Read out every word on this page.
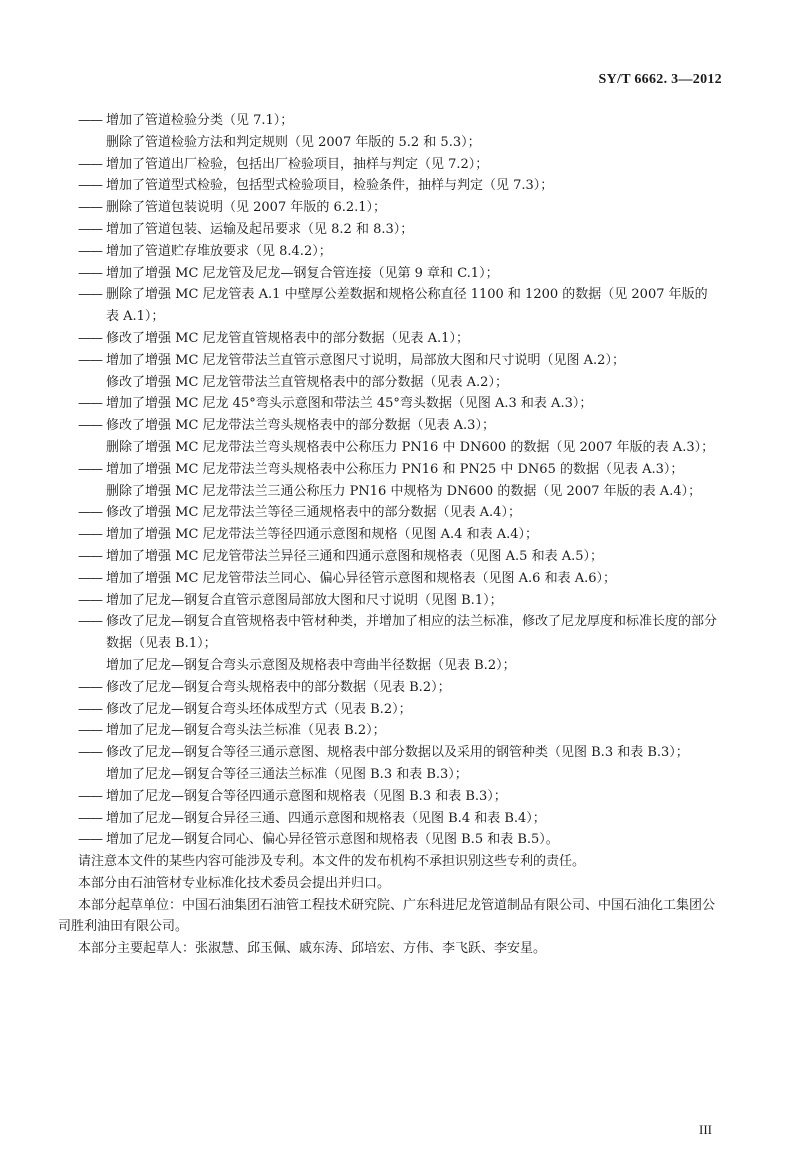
SY/T 6662. 3—2012
—— 增加了管道检验分类（见 7.1）；
删除了管道检验方法和判定规则（见 2007 年版的 5.2 和 5.3）；
—— 增加了管道出厂检验，包括出厂检验项目，抽样与判定（见 7.2）；
—— 增加了管道型式检验，包括型式检验项目，检验条件，抽样与判定（见 7.3）；
—— 删除了管道包装说明（见 2007 年版的 6.2.1）；
—— 增加了管道包装、运输及起吊要求（见 8.2 和 8.3）；
—— 增加了管道贮存堆放要求（见 8.4.2）；
—— 增加了增强 MC 尼龙管及尼龙—钢复合管连接（见第 9 章和 C.1）；
—— 删除了增强 MC 尼龙管表 A.1 中壁厚公差数据和规格公称直径 1100 和 1200 的数据（见 2007 年版的表 A.1）；
—— 修改了增强 MC 尼龙管直管规格表中的部分数据（见表 A.1）；
—— 增加了增强 MC 尼龙管带法兰直管示意图尺寸说明，局部放大图和尺寸说明（见图 A.2）；
修改了增强 MC 尼龙管带法兰直管规格表中的部分数据（见表 A.2）；
—— 增加了增强 MC 尼龙 45°弯头示意图和带法兰 45°弯头数据（见图 A.3 和表 A.3）；
—— 修改了增强 MC 尼龙带法兰弯头规格表中的部分数据（见表 A.3）；
删除了增强 MC 尼龙带法兰弯头规格表中公称压力 PN16 中 DN600 的数据（见 2007 年版的表 A.3）；
—— 增加了增强 MC 尼龙带法兰弯头规格表中公称压力 PN16 和 PN25 中 DN65 的数据（见表 A.3）；
删除了增强 MC 尼龙带法兰三通公称压力 PN16 中规格为 DN600 的数据（见 2007 年版的表 A.4）；
—— 修改了增强 MC 尼龙带法兰等径三通规格表中的部分数据（见表 A.4）；
—— 增加了增强 MC 尼龙带法兰等径四通示意图和规格（见图 A.4 和表 A.4）；
—— 增加了增强 MC 尼龙管带法兰异径三通和四通示意图和规格表（见图 A.5 和表 A.5）；
—— 增加了增强 MC 尼龙管带法兰同心、偏心异径管示意图和规格表（见图 A.6 和表 A.6）；
—— 增加了尼龙—钢复合直管示意图局部放大图和尺寸说明（见图 B.1）；
—— 修改了尼龙—钢复合直管规格表中管材种类，并增加了相应的法兰标准，修改了尼龙厚度和标准长度的部分数据（见表 B.1）；
增加了尼龙—钢复合弯头示意图及规格表中弯曲半径数据（见表 B.2）；
—— 修改了尼龙—钢复合弯头规格表中的部分数据（见表 B.2）；
—— 修改了尼龙—钢复合弯头坯体成型方式（见表 B.2）；
—— 增加了尼龙—钢复合弯头法兰标准（见表 B.2）；
—— 修改了尼龙—钢复合等径三通示意图、规格表中部分数据以及采用的钢管种类（见图 B.3 和表 B.3）；
增加了尼龙—钢复合等径三通法兰标准（见图 B.3 和表 B.3）；
—— 增加了尼龙—钢复合等径四通示意图和规格表（见图 B.3 和表 B.3）；
—— 增加了尼龙—钢复合异径三通、四通示意图和规格表（见图 B.4 和表 B.4）；
—— 增加了尼龙—钢复合同心、偏心异径管示意图和规格表（见图 B.5 和表 B.5）。
请注意本文件的某些内容可能涉及专利。本文件的发布机构不承担识别这些专利的责任。
本部分由石油管材专业标准化技术委员会提出并归口。
本部分起草单位：中国石油集团石油管工程技术研究院、广东科进尼龙管道制品有限公司、中国石油化工集团公司胜利油田有限公司。
本部分主要起草人：张淑慧、邱玉佩、戚东涛、邱培宏、方伟、李飞跃、李安星。
III
